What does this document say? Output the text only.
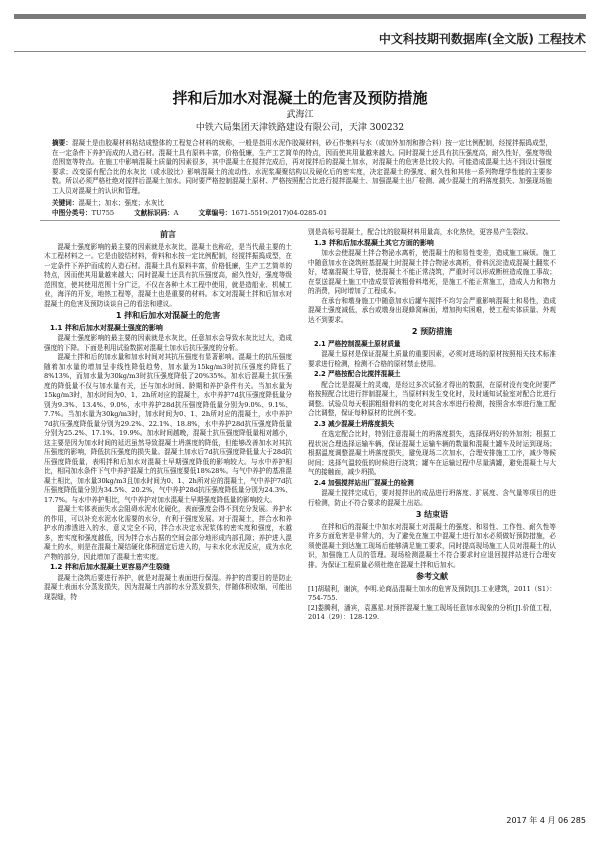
中文科技期刊数据库(全文版) 工程技术
拌和后加水对混凝土的危害及预防措施
武海江
中铁六局集团天津铁路建设有限公司，天津 300232
摘要：混凝土是由胶凝材料粘结成整体的工程复合材料的统称，一般是指用水泥作胶凝材料，砂石作集料与水（或加外加剂和掺合料）按一定比例配制，经搅拌振捣成型，在一定条件下养护而成的人造石材。混凝土具有原料丰富，价格低廉，生产工艺简单的特点，因而使其用量越来越大。同时混凝土还具有抗压强度高，耐久性好，强度等级范围宽等特点。在施工中影响混凝土质量的因素很多，其中混凝土在搅拌完成后，再对搅拌后的混凝土加水，对混凝土的危害是比较大的。可能造成混凝土达不到设计强度要求；改变原有配合比的水灰比（或水胶比）影响混凝土的流动性、水泥浆凝聚结构以及硬化后的密实度，决定混凝土的强度、耐久性和其他一系列物理学性能的主要参数。所以必须严格杜绝对搅拌后混凝土加水。同时要严格控制混凝土原材、严格按照配合比进行搅拌混凝土、加强混凝土出厂检测、减少混凝土的坍落度损失、加强现场施工人员对混凝土的认识和管理。
关键词：混凝土；加水；强度；水灰比
中图分类号：TU755	文献标识码：A	文章编号：1671-5519(2017)04-0285-01
前言

混凝土强度影响的最主要的因素就是水灰比，混凝土也称砼，是当代最主要的土木工程材料之一。它是由胶结材料，骨料和水按一定比例配制，经搅拌振捣成型，在一定条件下养护而成的人造石材。混凝土具有原料丰富，价格低廉，生产工艺简单的特点，因而使其用量越来越大；同时混凝土还具有抗压强度高，耐久性好，强度等级范围宽，使其使用范围十分广泛，不仅在各种土木工程中使用，就是造船业、机械工业，海洋的开发，地热工程等，混凝土也是重要的材料。本文对混凝土拌和后加水对混凝土的危害及预防谈谈自己的看法和建议。

1 拌和后加水对混凝土的危害
1.1 拌和后加水对混凝土强度的影响

混凝土强度影响的最主要的因素就是水灰比，任意加水会导致水灰比过大，造成强度的下降。下面是利用试验数据对混凝土加水后抗压强度的分析。

混凝土拌和后的加水量和加水时间对其抗压强度有显著影响。混凝土的抗压强度随着加水量的增加呈非线性降低趋势，加水量为15kg/m3时抗压强度约降低了8%13%，而加水量为30kg/m3时抗压强度降低了20%35%。加水后混凝土抗压强度的降低量不仅与加水量有关，还与加水时间、龄期和养护条件有关。当加水量为15kg/m3时，加水时间为0、1、2h所对应的混凝土，水中养护7d抗压强度降低量分别为9.3%、13.4%、9.0%，水中养护28d抗压强度降低量分别为9.0%、9.1%、7.7%。当加水量为30kg/m3时，加水时间为0、1、2h所对应的混凝土，水中养护7d抗压强度降低量分别为29.2%、22.1%、18.8%，水中养护28d抗压强度降低量分别为25.2%、17.1%、19.9%。加水时间越晚，混凝土抗压强度降低量相对越小，这主要是因为加水时间的延迟虽然导致混凝土坍落度的降低，但能够改善加水对其抗压强度的影响，降低抗压强度的损失量。混凝土加水后7d抗压强度降低量大于28d抗压强度降低量，表明拌和后加水对混凝土早期强度降低的影响较大。与水中养护相比，相同加水条件下气中养护混凝土的抗压强度要低18%28%。与气中养护的基准混凝土相比，加水量30kg/m3且加水时间为0、1、2h所对应的混凝土，气中养护7d抗压强度降低量分别为34.5%、20.2%，气中养护28d抗压强度降低量分别为24.3%、17.7%。与水中养护相比，气中养护对加水混凝土早期强度降低量的影响较大。

混凝土实体表面失水会阻碍水泥水化硬化，表面强度会得不到充分发展。养护水的作用，可以补充水泥水化需要的水分，有利于强度发展。对于混凝土，拌合水和养护水的渗透进入的水，意义完全不同，拌合水决定水泥浆体的密实度和强度，水越多，密实度和强度越低，因为拌合水占据的空间会部分地形成内部孔隙；养护进入混凝土的水，则是在混凝土凝结硬化体积固定后进入的，与未水化水泥反应，成为水化产物的部分，因此增加了混凝土密实度。

1.2 拌和后加水混凝土更容易产生裂缝

混凝土浇筑后要进行养护，就是对混凝土表面进行保湿。养护的首要目的是防止混凝土表面水分蒸发损失，因为混凝土内部的水分蒸发损失，伴随体积收缩，可能出现裂缝，特

别是高标号混凝土，配合比的胶凝材料用量高，水化热快，更容易产生裂纹。

1.3 拌和后加水混凝土其它方面的影响

加水会使混凝土拌合物泌水离析，使混凝土的和易性变差，造成施工麻烦。施工中随意加水在浇筑桩基混凝土时混凝土拌合物泌水离析，骨料沉淀造成混凝土翻浆不好，堵塞混凝土导管，使混凝土不能正常浇筑，严重时可以形成断桩造成施工事故；在泵送混凝土施工中造成泵管被粗骨料堵死，是施工不能正常施工，造成人力和物力的消费，同时增加了工程成本。

在承台和墩身施工中随意加水后罐车搅拌不均匀会严重影响混凝土和易性，造成混凝土强度减低，承台或墩身出现蜂窝麻面，增加拘实困难，使工程实体质量、外观达不到要求。

2 预防措施
2.1 严格控制混凝土原材质量

混凝土原材是保证混凝土质量的重要因素，必须对进场的原材按照相关技术标准要求进行检测，检测不合格的原材禁止使用。

2.2 严格按配合比搅拌混凝土

配合比是混凝土的灵魂，是经过多次试验才得出的数据，在原材没有变化时要严格按照配合比进行拌制混凝土，当原材料发生变化时，及时通知试验室对配合比进行调整。试验员每天根据粗细骨料的变化对其含水率进行检测，按照含水率进行施工配合比调整，保证每种原材的比例不变。

2.3 减少混凝土坍落度损失

在选定配合比时，特别注意混凝土的坍落度损失，选择保坍好的外加剂；根据工程状况合理选择运输车辆，保证混凝土运输车辆的数量和混凝土罐车及时运到现场；根据温度调整混凝土坍落度损失，避免现场二次加水，合理安排施工工序，减少等候时间；选择气温较低的时候进行浇筑；罐车在运输过程中尽量满罐，避免混凝土与大气的接触面，减少坍损。

2.4 加强搅拌站出厂混凝土的检测

混凝土搅拌完成后，要对搅拌出的成品进行坍落度、扩展度、含气量等项目的进行检测，防止不符合要求的混凝土出站。

3 结束语

在拌和后的混凝土中加水对混凝土对混凝土的强度、和易性、工作性、耐久性等许多方面危害是非常大的，为了避免在施工中混凝土进行加水必须做好预防措施，必须使混凝土到达施工现场后能够满足施工要求，同时提高现场施工人员对混凝土的认识，加强施工人员的管理。现场检测混凝土不符合要求时应退回搅拌站进行合理安排。为保证工程质量必须杜绝在混凝土拌和后加水。

参考文献

[1]胡瑞利，谢滨，李明.论商品混凝土加水的危害及预防[J].工业建筑，2011（S1）：754-755.

[2]娄腾利，潘宾，袁惠星.对预拌混凝土施工现场任意加水现象的分析[J].价值工程，2014（29）：128-129.

2017 年 4 月 06 285
